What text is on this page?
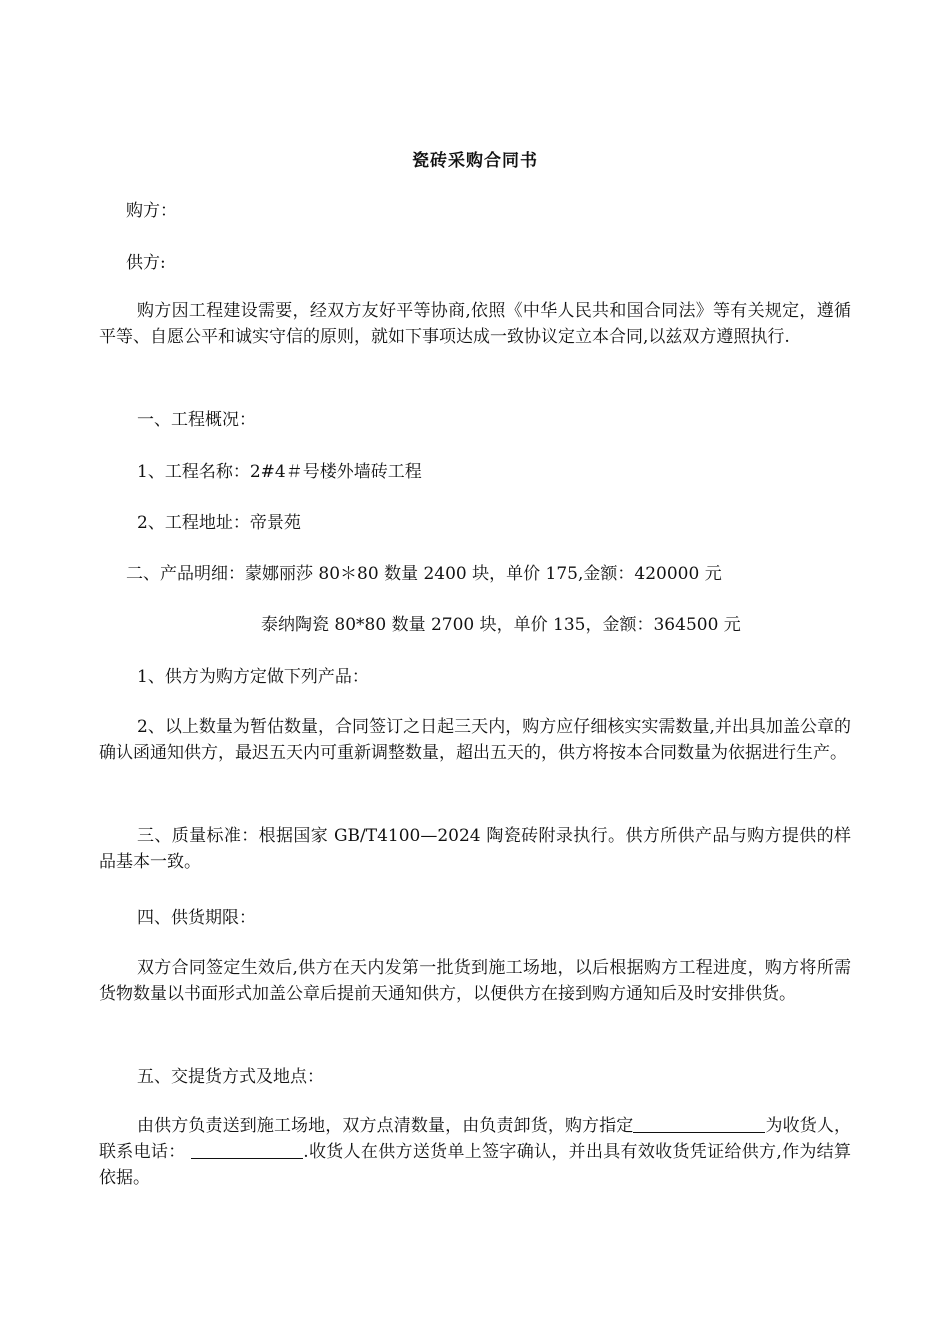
瓷砖采购合同书
购方：
供方:
购方因工程建设需要，经双方友好平等协商,依照《中华人民共和国合同法》等有关规定，遵循平等、自愿公平和诚实守信的原则，就如下事项达成一致协议定立本合同,以兹双方遵照执行.
一、工程概况：
1、工程名称：2#4＃号楼外墙砖工程
2、工程地址：帝景苑
二、产品明细：蒙娜丽莎 80＊80 数量 2400 块，单价 175,金额：420000 元
泰纳陶瓷 80*80 数量 2700 块，单价 135，金额：364500 元
1、供方为购方定做下列产品：
2、以上数量为暂估数量，合同签订之日起三天内，购方应仔细核实实需数量,并出具加盖公章的确认函通知供方，最迟五天内可重新调整数量，超出五天的，供方将按本合同数量为依据进行生产。
三、质量标准：根据国家 GB/T4100—2024 陶瓷砖附录执行。供方所供产品与购方提供的样品基本一致。
四、供货期限：
双方合同签定生效后,供方在天内发第一批货到施工场地，以后根据购方工程进度，购方将所需货物数量以书面形式加盖公章后提前天通知供方，以便供方在接到购方通知后及时安排供货。
五、交提货方式及地点：
由供方负责送到施工场地，双方点清数量，由负责卸货，购方指定	为收货人，联系电话：	.收货人在供方送货单上签字确认，并出具有效收货凭证给供方,作为结算依据。
